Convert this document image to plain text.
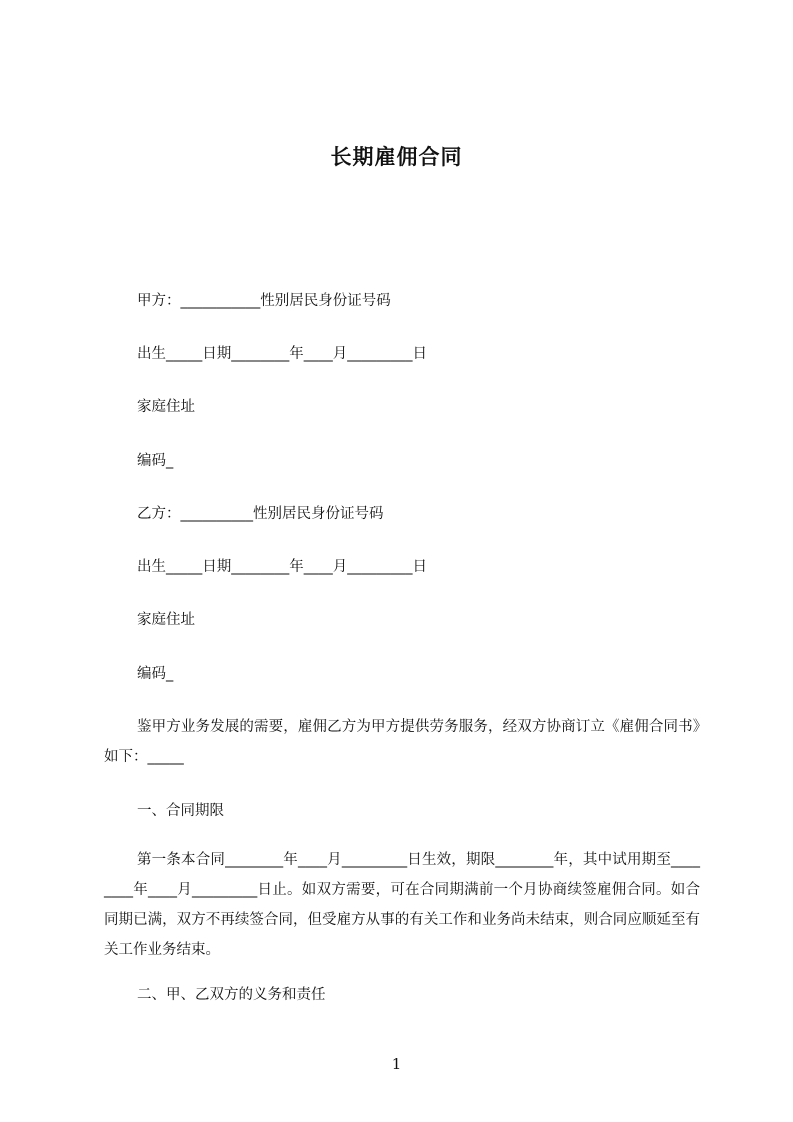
长期雇佣合同
甲方：___________性别居民身份证号码
出生_____日期________年____月_________日
家庭住址
编码_
乙方：__________性别居民身份证号码
出生_____日期________年____月_________日
家庭住址
编码_
鉴甲方业务发展的需要，雇佣乙方为甲方提供劳务服务，经双方协商订立《雇佣合同书》如下：_____
一、合同期限
第一条本合同________年____月_________日生效，期限________年，其中试用期至________年____月_________日止。如双方需要，可在合同期满前一个月协商续签雇佣合同。如合同期已满，双方不再续签合同，但受雇方从事的有关工作和业务尚未结束，则合同应顺延至有关工作业务结束。
二、甲、乙双方的义务和责任
1
